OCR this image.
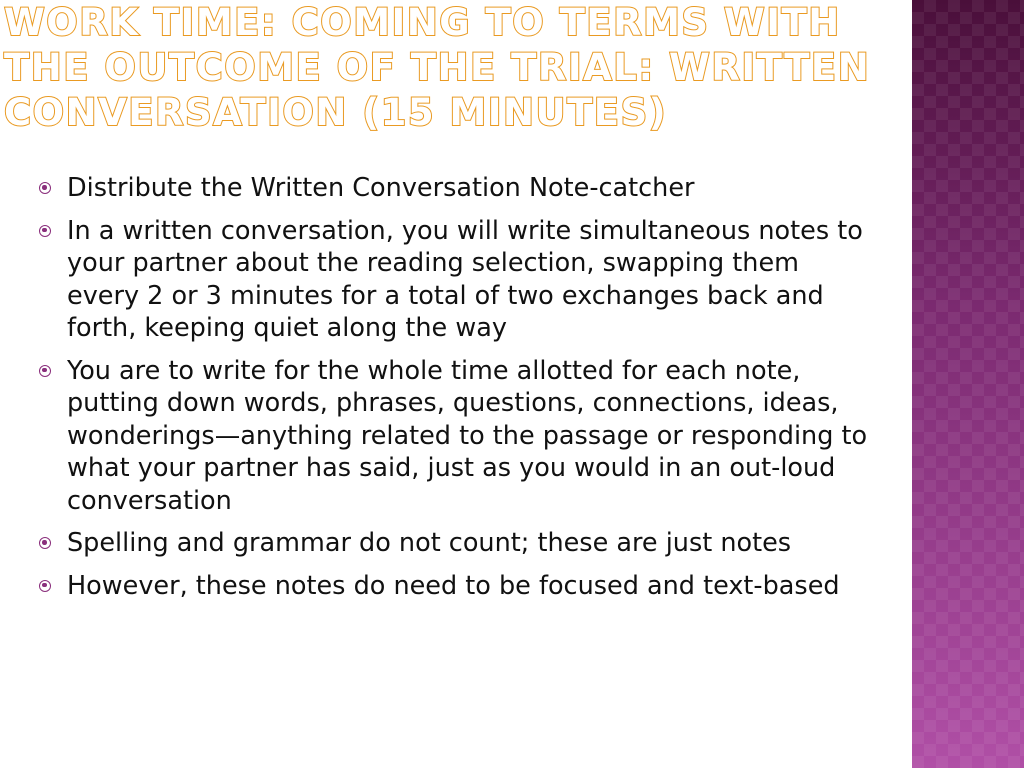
WORK TIME: COMING TO TERMS WITH THE OUTCOME OF THE TRIAL: WRITTEN CONVERSATION (15 MINUTES)
Distribute the Written Conversation Note-catcher
In a written conversation, you will write simultaneous notes to your partner about the reading selection, swapping them every 2 or 3 minutes for a total of two exchanges back and forth, keeping quiet along the way
You are to write for the whole time allotted for each note, putting down words, phrases, questions, connections, ideas, wonderings—anything related to the passage or responding to what your partner has said, just as you would in an out-loud conversation
Spelling and grammar do not count; these are just notes
However, these notes do need to be focused and text-based
